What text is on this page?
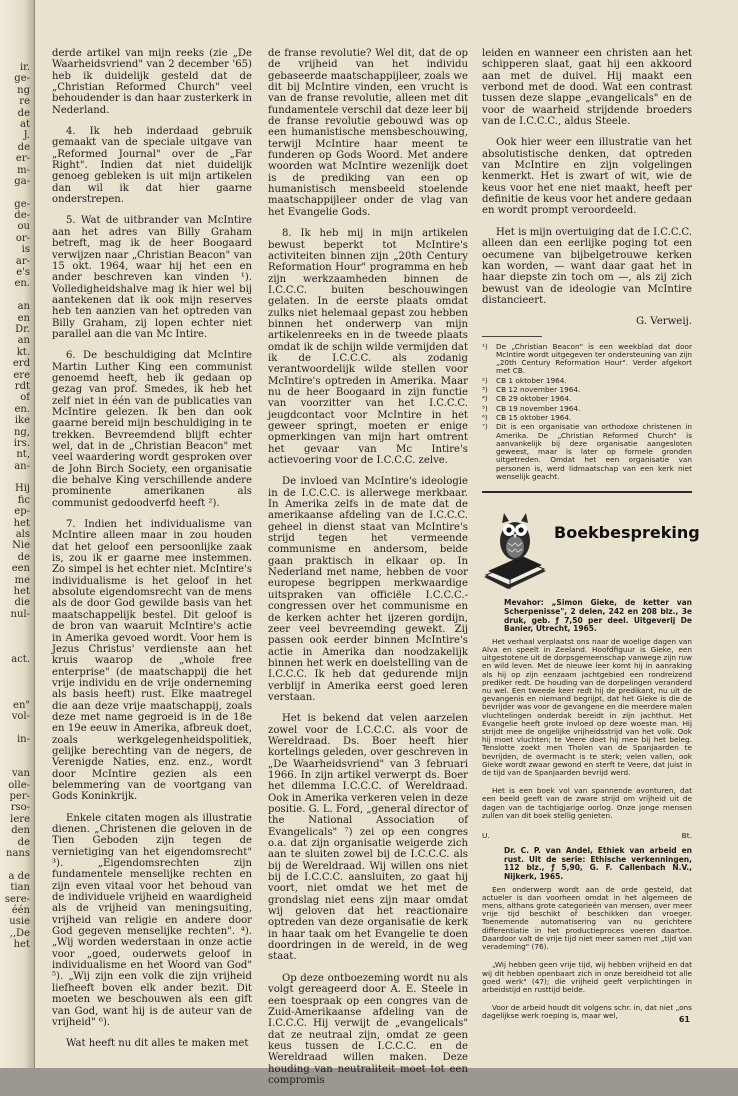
ir.
ge-
ng
re
de
at
J.
de
er-
m-
ga-
ge-
de-
ou
or-
is
ar-
e's
en.
an
en
Dr.
an
kt.
erd
ere
rdt
of
en.
ike
ng,
irs.
nt,
an-
Hij
fic
ep-
het
als
Nie
de
een
me
het
die
nul-
act.
en"
vol-
in-
van
olle-
per-
rso-
lere
den
de
nans
a de
tian
sere-
één
usie
,,De
het

derde artikel van mijn reeks (zie „De Waarheidsvriend" van 2 december '65) heb ik duidelijk gesteld dat de „Christian Reformed Church" veel behoudender is dan haar zusterkerk in Nederland.

4. Ik heb inderdaad gebruik gemaakt van de speciale uitgave van „Reformed Journal" over de „Far Right". Indien dat niet duidelijk genoeg gebleken is uit mijn artikelen dan wil ik dat hier gaarne onderstrepen.

5. Wat de uitbrander van McIntire aan het adres van Billy Graham betreft, mag ik de heer Boogaard verwijzen naar „Christian Beacon" van 15 okt. 1964, waar hij het een en ander beschreven kan vinden ¹). Volledigheidshalve mag ik hier wel bij aantekenen dat ik ook mijn reserves heb ten aanzien van het optreden van Billy Graham, zij lopen echter niet parallel aan die van Mc Intire.

6. De beschuldiging dat McIntire Martin Luther King een communist genoemd heeft, heb ik gedaan op gezag van prof. Smedes, ik heb het zelf niet in één van de publicaties van McIntire gelezen. Ik ben dan ook gaarne bereid mijn beschuldiging in te trekken. Bevreemdend blijft echter wel, dat in de „Christian Beacon" met veel waardering wordt gesproken over de John Birch Society, een organisatie die behalve King verschillende andere prominente amerikanen als communist gedoodverfd heeft ²).

7. Indien het individualisme van McIntire alleen maar in zou houden dat het geloof een persoonlijke zaak is, zou ik er gaarne mee instemmen. Zo simpel is het echter niet. McIntire's individualisme is het geloof in het absolute eigendomsrecht van de mens als de door God gewilde basis van het maatschappelijk bestel. Dit geloof is de bron van waaruit McIntire's actie in Amerika gevoed wordt. Voor hem is Jezus Christus' verdienste aan het kruis waarop de „whole free enterprise" (de maatschappij die het vrije individu en de vrije onderneming als basis heeft) rust. Elke maatregel die aan deze vrije maatschappij, zoals deze met name gegroeid is in de 18e en 19e eeuw in Amerika, afbreuk doet, zoals werkgelegenheidspolitiek, gelijke berechting van de negers, de Verenigde Naties, enz. enz., wordt door McIntire gezien als een belemmering van de voortgang van Gods Koninkrijk.

Enkele citaten mogen als illustratie dienen. „Christenen die geloven in de Tien Geboden zijn tegen de vernietiging van het eigendomsrecht" ³). „Eigendomsrechten zijn fundamentele menselijke rechten en zijn even vitaal voor het behoud van de individuele vrijheid en waardigheid als de vrijheid van meningsuiting, vrijheid van religie en andere door God gegeven menselijke rechten". ⁴). „Wij worden wederstaan in onze actie voor „goed, ouderwets geloof in individualisme en het Woord van God" ⁵). „Wij zijn een volk die zijn vrijheid liefheeft boven elk ander bezit. Dit moeten we beschouwen als een gift van God, want hij is de auteur van de vrijheid" ⁶).

Wat heeft nu dit alles te maken met

de franse revolutie? Wel dit, dat de op de vrijheid van het individu gebaseerde maatschappijleer, zoals we dit bij McIntire vinden, een vrucht is van de franse revolutie, alleen met dit fundamentele verschil dat deze leer bij de franse revolutie gebouwd was op een humanistische mensbeschouwing, terwijl McIntire haar meent te funderen op Gods Woord. Met andere woorden wat McIntire wezenlijk doet is de prediking van een op humanistisch mensbeeld stoelende maatschappijleer onder de vlag van het Evangelie Gods.

8. Ik heb mij in mijn artikelen bewust beperkt tot McIntire's activiteiten binnen zijn „20th Century Reformation Hour" programma en heb zijn werkzaamheden binnen de I.C.C.C. buiten beschouwingen gelaten. In de eerste plaats omdat zulks niet helemaal gepast zou hebben binnen het onderwerp van mijn artikelenreeks en in de tweede plaats omdat ik de schijn wilde vermijden dat ik de I.C.C.C. als zodanig verantwoordelijk wilde stellen voor McIntire's optreden in Amerika. Maar nu de heer Boogaard in zijn functie van voorzitter van het I.C.C.C. jeugdcontact voor McIntire in het geweer springt, moeten er enige opmerkingen van mijn hart omtrent het gevaar van Mc Intire's actievoering voor de I.C.C.C. zelve.

De invloed van McIntire's ideologie in de I.C.C.C. is allerwege merkbaar. In Amerika zelfs in de mate dat de amerikaanse afdeling van de I.C.C.C. geheel in dienst staat van McIntire's strijd tegen het vermeende communisme en andersom, beide gaan praktisch in elkaar op. In Nederland met name, hebben de voor europese begrippen merkwaardige uitspraken van officiële I.C.C.C.-congressen over het communisme en de kerken achter het ijzeren gordijn, zeer veel bevreemding gewekt. Zij passen ook eerder binnen McIntire's actie in Amerika dan noodzakelijk binnen het werk en doelstelling van de I.C.C.C. Ik heb dat gedurende mijn verblijf in Amerika eerst goed leren verstaan.

Het is bekend dat velen aarzelen zowel voor de I.C.C.C. als voor de Wereldraad. Ds. Boer heeft hier kortelings geleden, over geschreven in „De Waarheidsvriend" van 3 februari 1966. In zijn artikel verwerpt ds. Boer het dilemma I.C.C.C. of Wereldraad. Ook in Amerika verkeren velen in deze positie. G. L. Ford, „general director of the National Association of Evangelicals" ⁷) zei op een congres o.a. dat zijn organisatie weigerde zich aan te sluiten zowel bij de I.C.C.C. als bij de Wereldraad. Wij willen ons niet bij de I.C.C.C. aansluiten, zo gaat hij voort, niet omdat we het met de grondslag niet eens zijn maar omdat wij geloven dat het reactionaire optreden van deze organisatie de kerk in haar taak om het Evangelie te doen doordringen in de wereld, in de weg staat.

Op deze ontboezeming wordt nu als volgt gereageerd door A. E. Steele in een toespraak op een congres van de Zuid-Amerikaanse afdeling van de I.C.C.C. Hij verwijt de „evangelicals" dat ze neutraal zijn, omdat ze geen keus tussen de I.C.C.C. en de Wereldraad willen maken. Deze houding van neutraliteit moet tot een compromis

leiden en wanneer een christen aan het schipperen slaat, gaat hij een akkoord aan met de duivel. Hij maakt een verbond met de dood. Wat een contrast tussen deze slappe „evangelicals" en de voor de waarheid strijdende broeders van de I.C.C.C., aldus Steele.

Ook hier weer een illustratie van het absolutistische denken, dat optreden van McIntire en zijn volgelingen kenmerkt. Het is zwart of wit, wie de keus voor het ene niet maakt, heeft per definitie de keus voor het andere gedaan en wordt prompt veroordeeld.

Het is mijn overtuiging dat de I.C.C.C. alleen dan een eerlijke poging tot een oecumene van bijbelgetrouwe kerken kan worden, — want daar gaat het in haar diepste zin toch om —, als zij zich bewust van de ideologie van McIntire distancieert.

G. Verweij.
¹)	De „Christian Beacon" is een weekblad dat door McIntire wordt uitgegeven ter ondersteuning van zijn „20th Century Reformation Hour". Verder afgekort met CB.
²)	CB 1 oktober 1964.
³)	CB 12 november 1964.
⁴)	CB 29 oktober 1964.
⁵)	CB 19 november 1964.
⁶)	CB 15 oktober 1964.
⁷)	Dit is een organisatie van orthodoxe christenen in Amerika. De „Christian Reformed Church" is aanvankelijk bij deze organisatie aangesloten geweest, maar is later op formele gronden uitgetreden. Omdat het een organisatie van personen is, werd lidmaatschap van een kerk niet wenselijk geacht.
Boekbespreking
Mevahor: „Simon Gieke, de ketter van Scherpenisse", 2 delen, 242 en 208 blz., 3e druk, geb. ƒ 7,50 per deel. Uitgeverij De Banier, Utrecht, 1965.

Het verhaal verplaatst ons naar de woelige dagen van Alva en speelt in Zeeland. Hoofdfiguur is Gieke, een uitgestotene uit de dorpsgemeenschap vanwege zijn ruw en wild leven. Met de nieuwe leer komt hij in aanraking als hij op zijn eenzaam jachtgebied een rondreizend prediker redt. De houding van de dorpelingen veranderd nu wel. Een tweede keer redt hij de predikant, nu uit de gevangenis en niemand begrijpt, dat het Gieke is die de bevrijder was voor de gevangene en die meerdere malen vluchtelingen onderdak bereidt in zijn jachthut. Het Evangelie heeft grote invloed op deze woeste man. Hij strijdt mee de ongelijke vrijheidsstrijd van het volk. Ook hij moet vluchten; te Veere doet hij mee bij het beleg. Tenslotte zoekt men Tholen van de Spanjaarden te bevrijden, de overmacht is te sterk; velen vallen, ook Gieke wordt zwaar gewond en sterft te Veere, dat juist in de tijd van de Spanjaarden bevrijd werd.

Het is een boek vol van spannende avonturen, dat een beeld geeft van de zware strijd om vrijheid uit de dagen van de tachtigjarige oorlog. Onze jonge mensen zullen van dit boek stellig genieten.

U.	Bt.
Dr. C. P. van Andel, Ethiek van arbeid en rust. Uit de serie: Ethische verkenningen, 112 blz., ƒ 5,90, G. F. Callenbach N.V., Nijkerk, 1965.

Een onderwerp wordt aan de orde gesteld, dat actueler is dan voorheen omdat in het algemeen de mens, althans grote categorieën van mensen, over meer vrije tijd beschikt of beschikken dan vroeger. Toenemende automatisering van nu gerichtere differentiatie in het productieproces voeren daartoe. Daardoor valt de vrije tijd niet meer samen met „tijd van verademing" (76).

„Wij hebben geen vrije tijd, wij hebben vrijheid en dat wij dit hebben openbaart zich in onze bereidheid tot alle goed werk" (47); die vrijheid geeft verplichtingen in arbeidstijd en rusttijd beide.

Voor de arbeid houdt dit volgens schr. in, dat niet „ons dagelijkse werk roeping is, maar wel,	61
